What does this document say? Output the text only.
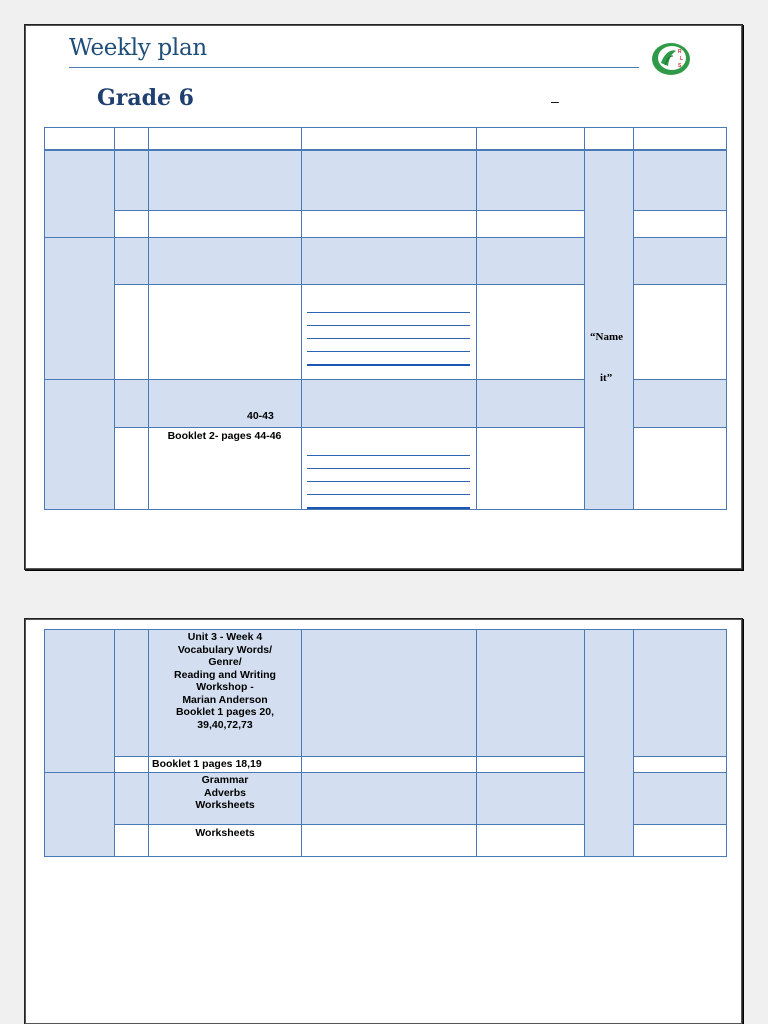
Weekly plan	R
L
S
Grade 6	–
40-43
Booklet 2- pages 44-46
“Name
it”
Unit 3 - Week 4
Vocabulary Words/
Genre/
Reading and Writing
Workshop -
Marian Anderson
Booklet 1 pages 20,
39,40,72,73
Booklet 1 pages 18,19
Grammar
Adverbs
Worksheets
Worksheets
